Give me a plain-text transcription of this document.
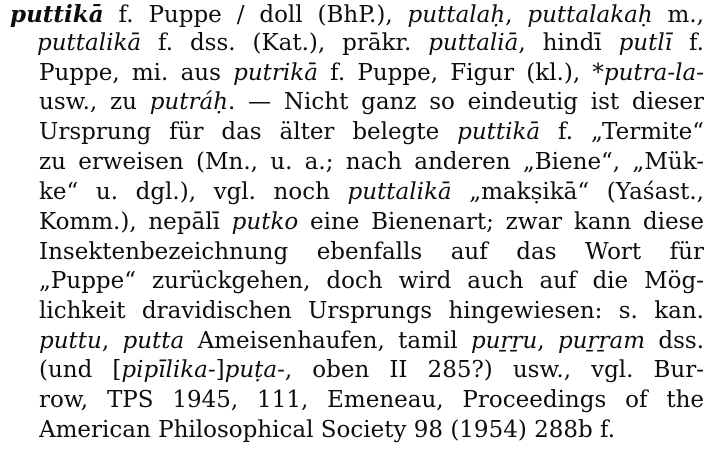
puttikā f. Puppe / doll (BhP.), puttalaḥ, puttalakaḥ m.,
puttalikā f. dss. (Kat.), prākr. puttaliā, hindī putlī f.
Puppe, mi. aus putrikā f. Puppe, Figur (kl.), *putra-la-
usw., zu putráḥ. — Nicht ganz so eindeutig ist dieser
Ursprung für das älter belegte puttikā f. „Termite“
zu erweisen (Mn., u. a.; nach anderen „Biene“, „Mük-
ke“ u. dgl.), vgl. noch puttalikā „makṣikā“ (Yaśast.,
Komm.), nepālī putko eine Bienenart; zwar kann diese
Insektenbezeichnung ebenfalls auf das Wort für
„Puppe“ zurückgehen, doch wird auch auf die Mög-
lichkeit dravidischen Ursprungs hingewiesen: s. kan.
puttu, putta Ameisenhaufen, tamil puṟṟu, puṟṟam dss.
(und [pipīlika-]puṭa-, oben II 285?) usw., vgl. Bur-
row, TPS 1945, 111, Emeneau, Proceedings of the
American Philosophical Society 98 (1954) 288b f.
